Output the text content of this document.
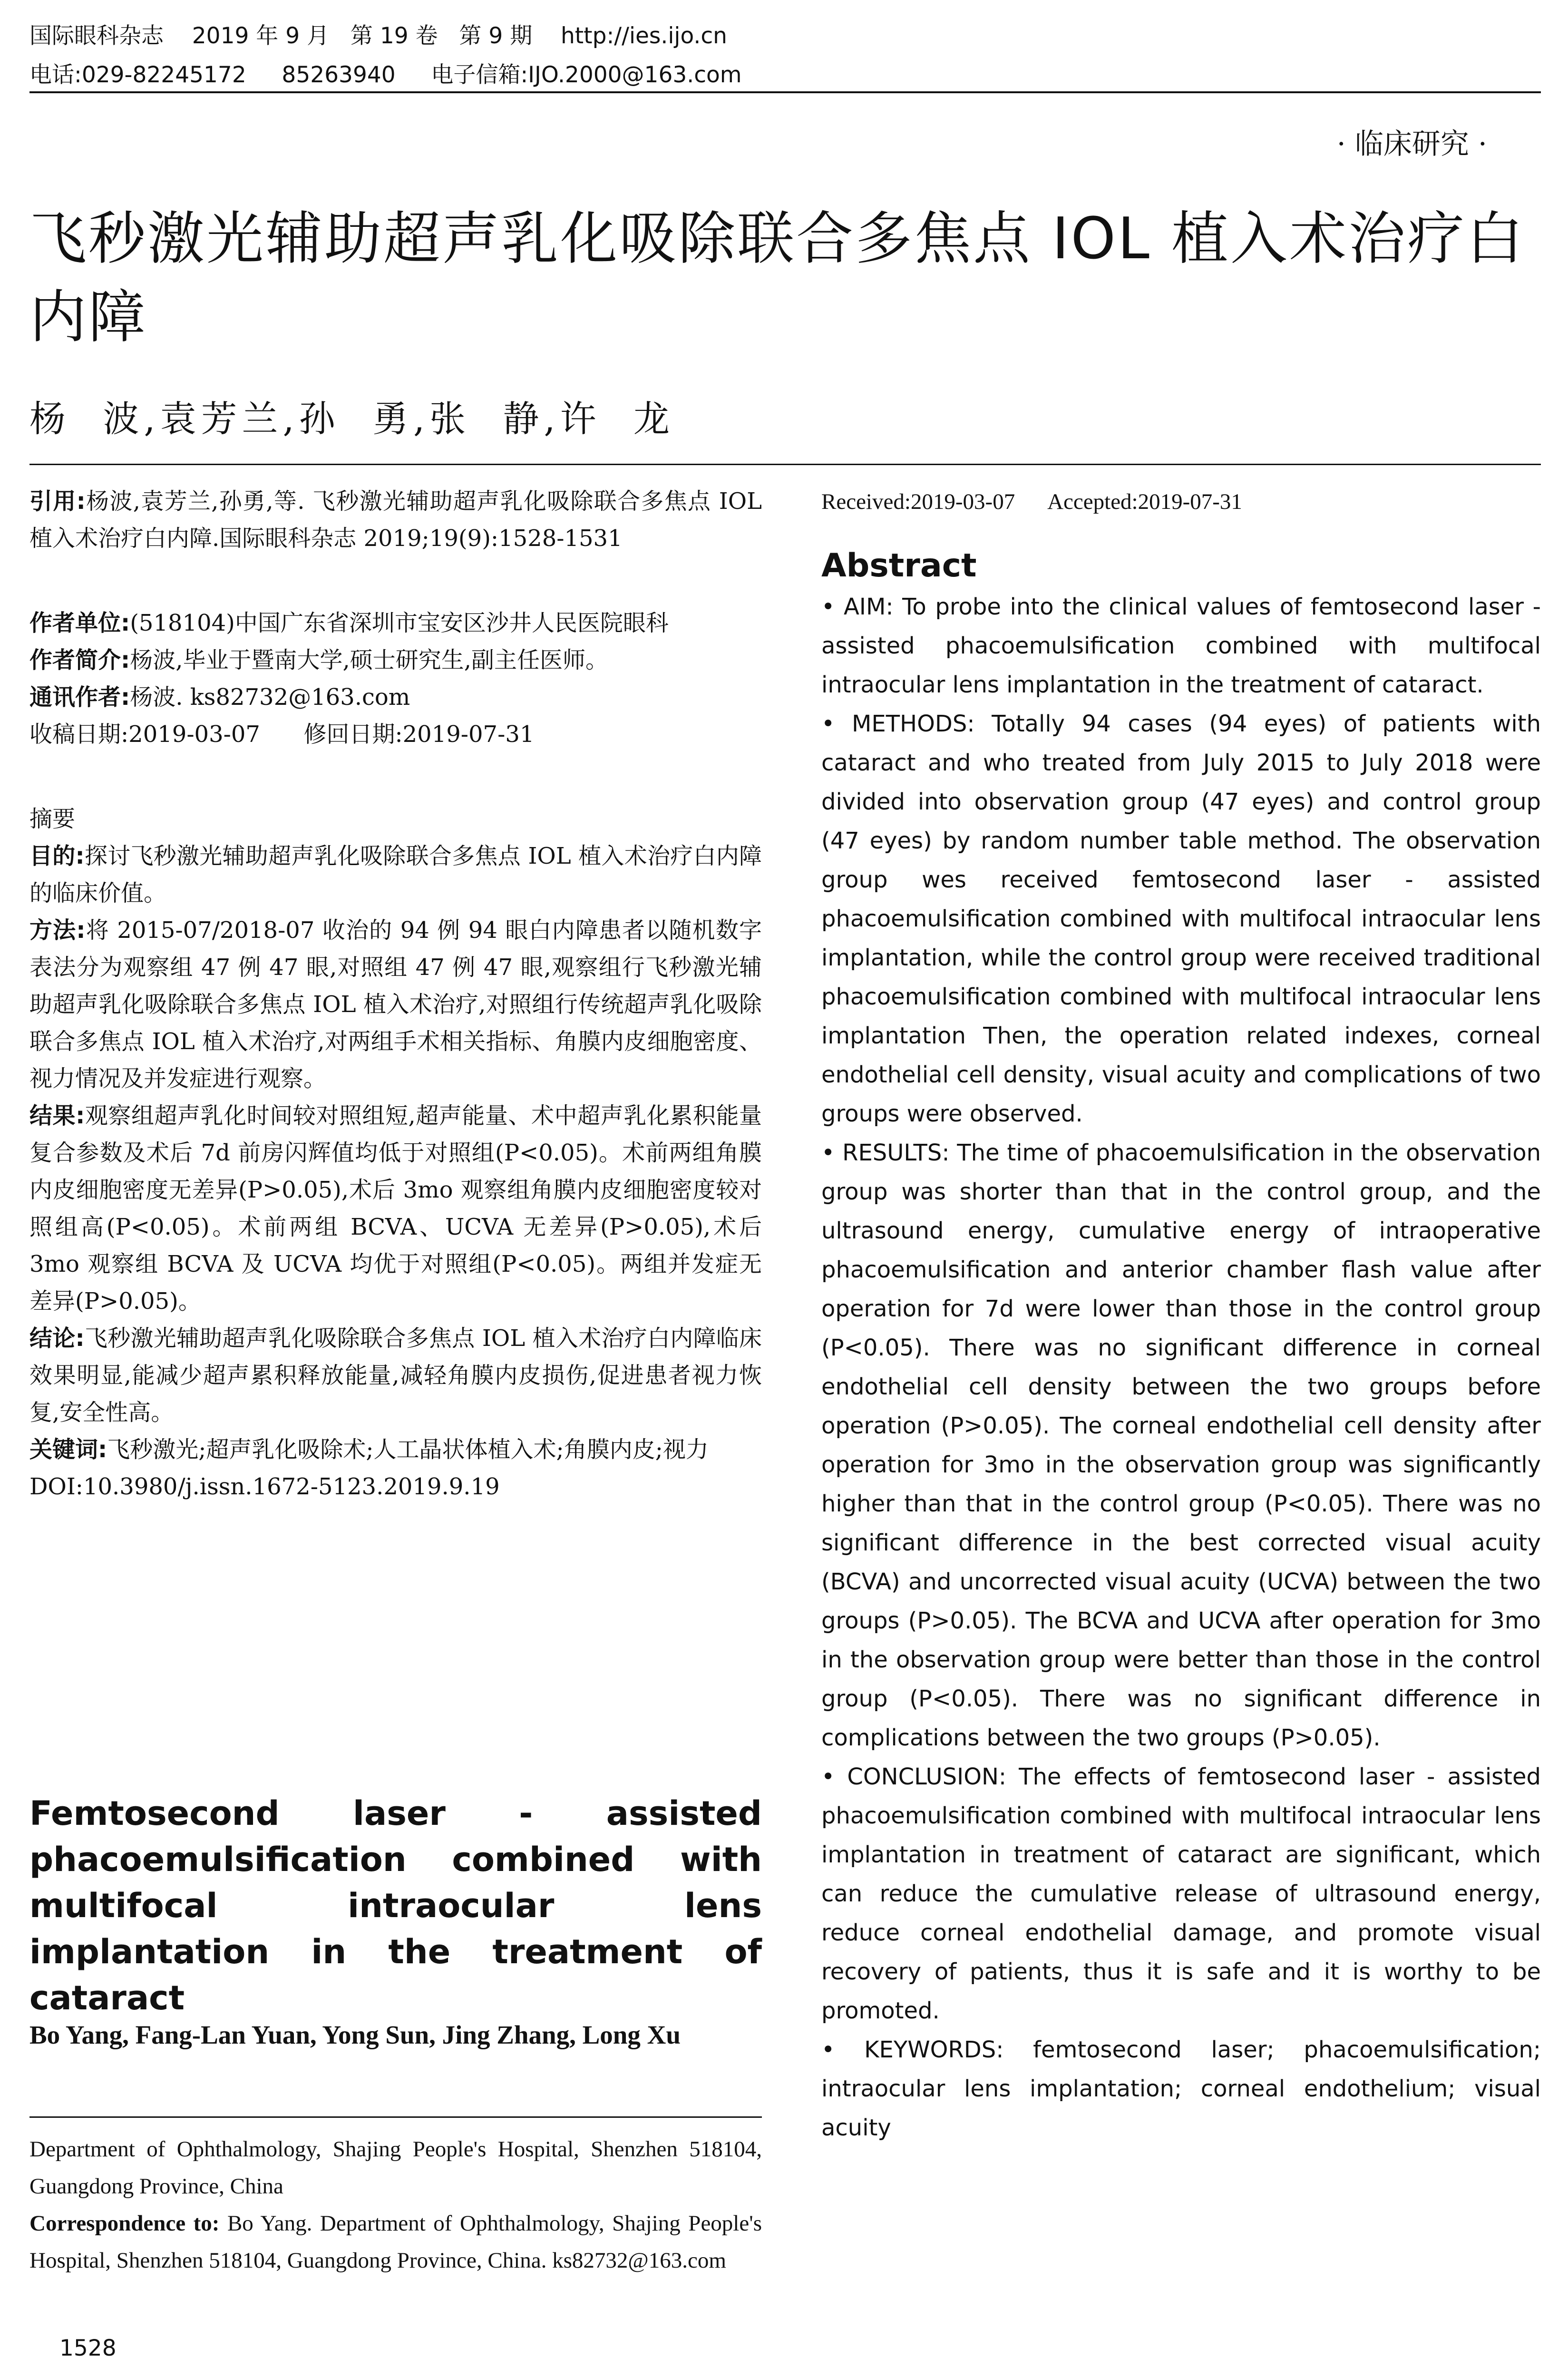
国际眼科杂志    2019 年 9 月   第 19 卷   第 9 期    http://ies.ijo.cn
电话:029-82245172     85263940     电子信箱:IJO.2000@163.com
· 临床研究 ·
飞秒激光辅助超声乳化吸除联合多焦点 IOL 植入术治疗白内障
杨  波,袁芳兰,孙  勇,张  静,许  龙

引用:杨波,袁芳兰,孙勇,等. 飞秒激光辅助超声乳化吸除联合多焦点 IOL 植入术治疗白内障.国际眼科杂志 2019;19(9):1528-1531

作者单位:(518104)中国广东省深圳市宝安区沙井人民医院眼科

作者简介:杨波,毕业于暨南大学,硕士研究生,副主任医师。

通讯作者:杨波. ks82732@163.com

收稿日期:2019-03-07      修回日期:2019-07-31

摘要

目的:探讨飞秒激光辅助超声乳化吸除联合多焦点 IOL 植入术治疗白内障的临床价值。

方法:将 2015-07/2018-07 收治的 94 例 94 眼白内障患者以随机数字表法分为观察组 47 例 47 眼,对照组 47 例 47 眼,观察组行飞秒激光辅助超声乳化吸除联合多焦点 IOL 植入术治疗,对照组行传统超声乳化吸除联合多焦点 IOL 植入术治疗,对两组手术相关指标、角膜内皮细胞密度、视力情况及并发症进行观察。

结果:观察组超声乳化时间较对照组短,超声能量、术中超声乳化累积能量复合参数及术后 7d 前房闪辉值均低于对照组(P<0.05)。术前两组角膜内皮细胞密度无差异(P>0.05),术后 3mo 观察组角膜内皮细胞密度较对照组高(P<0.05)。术前两组 BCVA、UCVA 无差异(P>0.05),术后 3mo 观察组 BCVA 及 UCVA 均优于对照组(P<0.05)。两组并发症无差异(P>0.05)。

结论:飞秒激光辅助超声乳化吸除联合多焦点 IOL 植入术治疗白内障临床效果明显,能减少超声累积释放能量,减轻角膜内皮损伤,促进患者视力恢复,安全性高。

关键词:飞秒激光;超声乳化吸除术;人工晶状体植入术;角膜内皮;视力

DOI:10.3980/j.issn.1672-5123.2019.9.19

Femtosecond laser - assisted phacoemulsification combined with multifocal intraocular lens implantation in the treatment of cataract
Bo Yang, Fang-Lan Yuan, Yong Sun, Jing Zhang, Long Xu

Department of Ophthalmology, Shajing People's Hospital, Shenzhen 518104, Guangdong Province, China

Correspondence to: Bo Yang. Department of Ophthalmology, Shajing People's Hospital, Shenzhen 518104, Guangdong Province, China. ks82732@163.com

1528
Received:2019-03-07      Accepted:2019-07-31
Abstract

• AIM: To probe into the clinical values of femtosecond laser - assisted phacoemulsification combined with multifocal intraocular lens implantation in the treatment of cataract.

• METHODS: Totally 94 cases (94 eyes) of patients with cataract and who treated from July 2015 to July 2018 were divided into observation group (47 eyes) and control group (47 eyes) by random number table method. The observation group wes received femtosecond laser - assisted phacoemulsification combined with multifocal intraocular lens implantation, while the control group were received traditional phacoemulsification combined with multifocal intraocular lens implantation Then, the operation related indexes, corneal endothelial cell density, visual acuity and complications of two groups were observed.

• RESULTS: The time of phacoemulsification in the observation group was shorter than that in the control group, and the ultrasound energy, cumulative energy of intraoperative phacoemulsification and anterior chamber flash value after operation for 7d were lower than those in the control group (P<0.05). There was no significant difference in corneal endothelial cell density between the two groups before operation (P>0.05). The corneal endothelial cell density after operation for 3mo in the observation group was significantly higher than that in the control group (P<0.05). There was no significant difference in the best corrected visual acuity (BCVA) and uncorrected visual acuity (UCVA) between the two groups (P>0.05). The BCVA and UCVA after operation for 3mo in the observation group were better than those in the control group (P<0.05). There was no significant difference in complications between the two groups (P>0.05).

• CONCLUSION: The effects of femtosecond laser - assisted phacoemulsification combined with multifocal intraocular lens implantation in treatment of cataract are significant, which can reduce the cumulative release of ultrasound energy, reduce corneal endothelial damage, and promote visual recovery of patients, thus it is safe and it is worthy to be promoted.

• KEYWORDS: femtosecond laser; phacoemulsification; intraocular lens implantation; corneal endothelium; visual acuity
